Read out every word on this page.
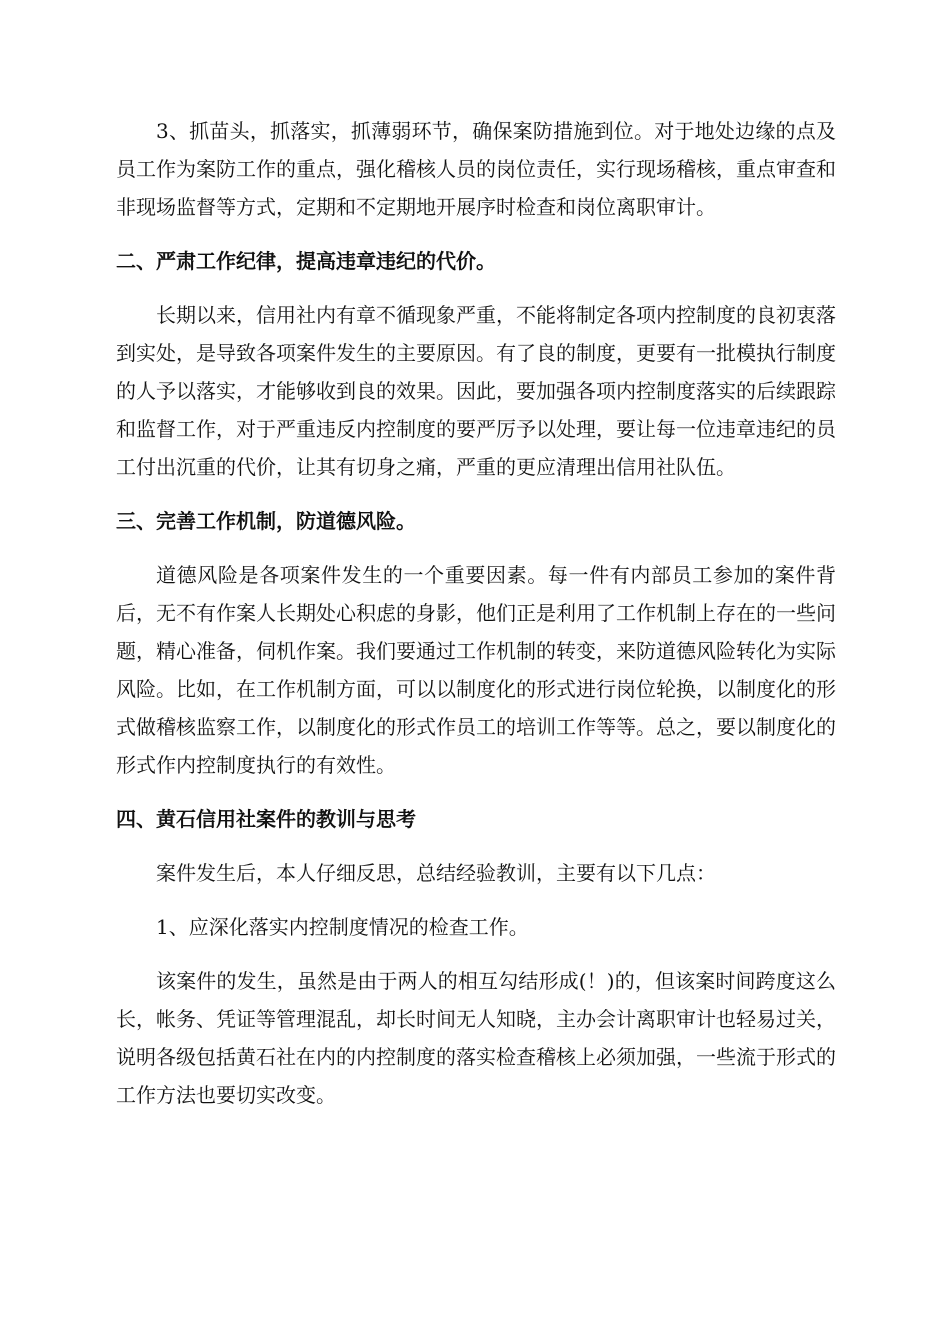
3、抓苗头，抓落实，抓薄弱环节，确保案防措施到位。对于地处边缘的点及员工作为案防工作的重点，强化稽核人员的岗位责任，实行现场稽核，重点审查和非现场监督等方式，定期和不定期地开展序时检查和岗位离职审计。

二、严肃工作纪律，提高违章违纪的代价。

长期以来，信用社内有章不循现象严重，不能将制定各项内控制度的良初衷落到实处，是导致各项案件发生的主要原因。有了良的制度，更要有一批模执行制度的人予以落实，才能够收到良的效果。因此，要加强各项内控制度落实的后续跟踪和监督工作，对于严重违反内控制度的要严厉予以处理，要让每一位违章违纪的员工付出沉重的代价，让其有切身之痛，严重的更应清理出信用社队伍。

三、完善工作机制，防道德风险。

道德风险是各项案件发生的一个重要因素。每一件有内部员工参加的案件背后，无不有作案人长期处心积虑的身影，他们正是利用了工作机制上存在的一些问题，精心准备，伺机作案。我们要通过工作机制的转变，来防道德风险转化为实际风险。比如，在工作机制方面，可以以制度化的形式进行岗位轮换，以制度化的形式做稽核监察工作，以制度化的形式作员工的培训工作等等。总之，要以制度化的形式作内控制度执行的有效性。

四、黄石信用社案件的教训与思考

案件发生后，本人仔细反思，总结经验教训，主要有以下几点：

1、应深化落实内控制度情况的检查工作。

该案件的发生，虽然是由于两人的相互勾结形成(！)的，但该案时间跨度这么长，帐务、凭证等管理混乱，却长时间无人知晓，主办会计离职审计也轻易过关，说明各级包括黄石社在内的内控制度的落实检查稽核上必须加强，一些流于形式的工作方法也要切实改变。
